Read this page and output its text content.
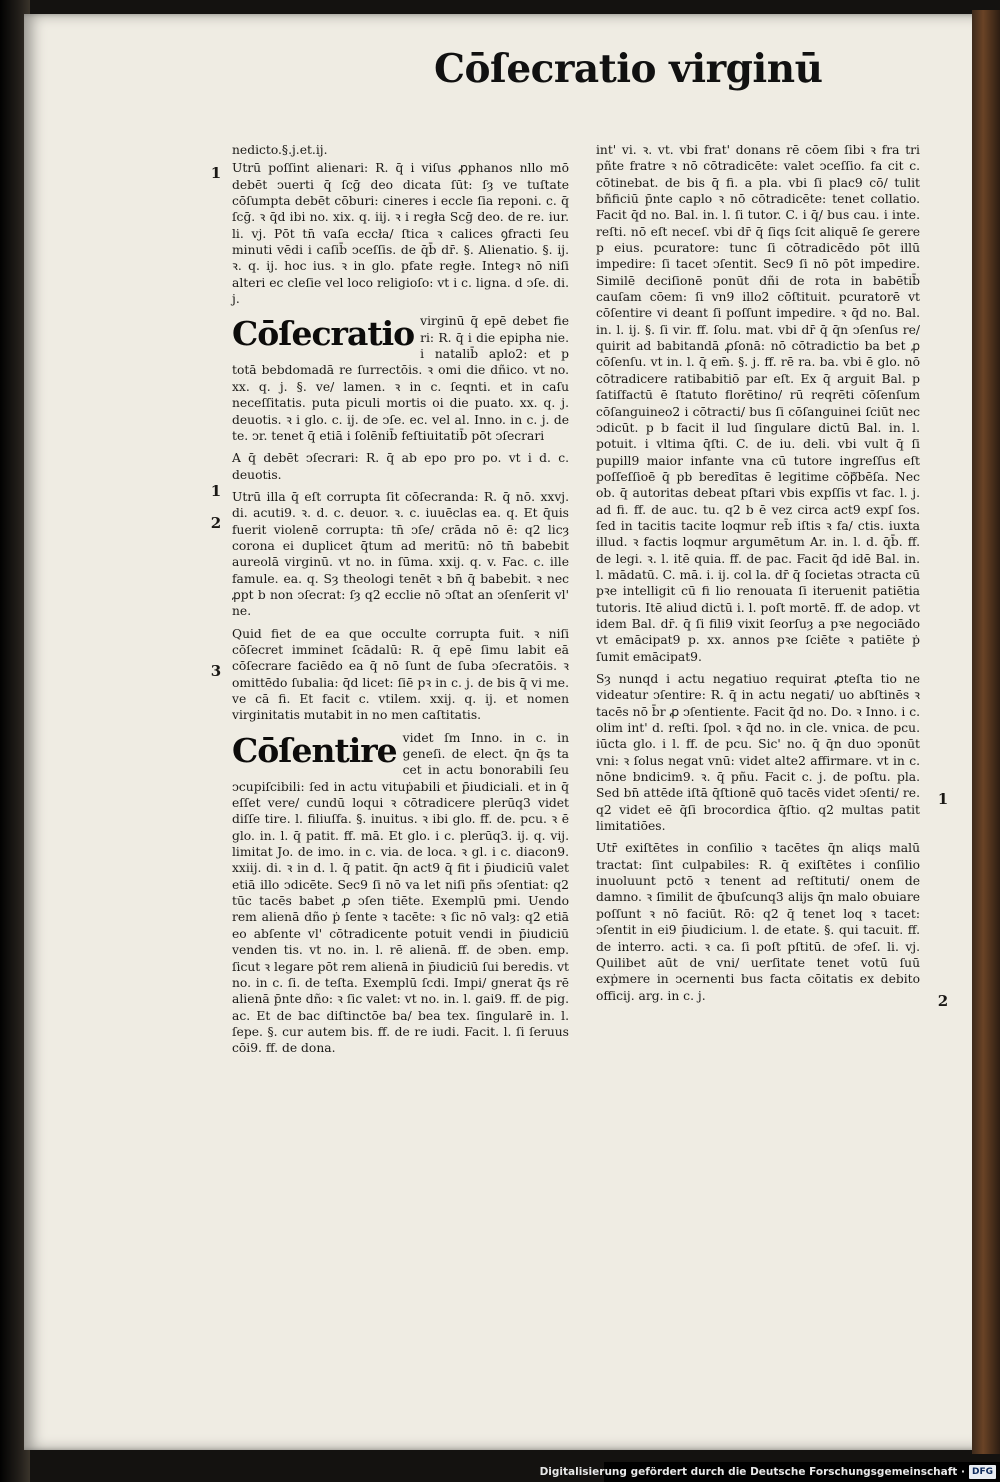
Cōſecratio virginū

nedicto.§.j.et.ij.

Utrū poſſint alienari: R. q̄ i viſus ꝓphanos nllo mō debēt ↄuerti q̄ ſcḡ deo dicata ſūt: ſȝ ve tuſtate cōſumpta debēt cōburi: cineres i eccle ſia reponi. c. q̄ ſcḡ. ꝛ q̄d ibi no. xix. q. iij. ꝛ i regła Scḡ deo. de re. iur. li. vj. Pōt tn̄ vaſa eccła/ ſtica ꝛ calices ꝯfracti ſeu minuti vēdi i caſib̄ ↄceſſis. de q̄b̄ dr̄. §. Alienatio. §. ij. ꝛ. q. ij. hoc ius. ꝛ in glo. pfate regłe. Integꝛ nō niſi alteri ec cleſie vel loco religioſo: vt i c. ligna. d ↄſe. di. j.

Cōſecratio virginū q̄ epē debet fie ri: R. q̄ i die epipha nie. i natalib̄ aplo2: et p totā bebdomadā re ſurrectōis. ꝛ omi die dñico. vt no. xx. q. j. §. ve/ lamen. ꝛ in c. ſeqnti. et in caſu neceſſitatis. puta piculi mortis oi die puato. xx. q. j. deuotis. ꝛ i glo. c. ij. de ↄſe. ec. vel al. Inno. in c. j. de te. ↄr. tenet q̄ etiā i ſolēnib̄ feſtiuitatib̄ pōt ↄſecrari

A q̄ debēt ↄſecrari: R. q̄ ab epo pro po. vt i d. c. deuotis.

Utrū illa q̄ eſt corrupta ſit cōſecranda: R. q̄ nō. xxvj. di. acuti9. ꝛ. d. c. deuor. ꝛ. c. iuuēclas ea. q. Et q̄uis fuerit violenē corrupta: tn̄ ↄſe/ crāda nō ē: q2 licȝ corona ei duplicet q̄tum ad meritū: nō tn̄ babebit aureolā virginū. vt no. in ſūma. xxij. q. v. Fac. c. ille famule. ea. q. Sȝ theologi tenēt ꝛ bn̄ q̄ babebit. ꝛ nec ꝓpt b non ↄſecrat: ſȝ q2 ecclie nō ↄſtat an ↄſenſerit vl' ne.

Quid fiet de ea que occulte corrupta fuit. ꝛ niſi cōſecret imminet ſcādalū: R. q̄ epē ſimu labit eā cōſecrare faciēdo ea q̄ nō ſunt de ſuba ↄſecratōis. ꝛ omittēdo ſubalia: q̄d licet: ſiē pꝛ in c. j. de bis q̄ vi me. ve cā fi. Et facit c. vtilem. xxij. q. ij. et nomen virginitatis mutabit in no men caſtitatis.

Cōſentire videt ſm Inno. in c. in geneſi. de elect. q̄n q̄s ta cet in actu bonorabili ſeu ↄcupiſcibili: ſed in actu vituṗabili et p̄iudiciali. et in q̄ eſſet vere/ cundū loqui ꝛ cōtradicere plerūq3 videt diſſe tire. l. filiuſfa. §. inuitus. ꝛ ibi glo. ff. de. pcu. ꝛ ē glo. in. l. q̄ patit. ff. mā. Et glo. i c. plerūq3. ij. q. vij. limitat Jo. de imo. in c. via. de loca. ꝛ gl. i c. diacon9. xxiij. di. ꝛ in d. l. q̄ patit. q̄n act9 q̄ fit i p̄iudiciū valet etiā illo ↄdicēte. Sec9 ſi nō va let niſi pñs ↄſentiat: q2 tūc tacēs babet ꝓ ↄſen tiēte. Exemplū pmi. Uendo rem alienā dño ṗ ſente ꝛ tacēte: ꝛ ſic nō valȝ: q2 etiā eo abſente vl' cōtradicente potuit vendi in p̄iudiciū venden tis. vt no. in. l. rē alienā. ff. de ↄben. emp. ſicut ꝛ legare pōt rem alienā in p̄iudiciū ſui beredis. vt no. in c. ſi. de teſta. Exemplū ſcdi. Impi/ gnerat q̄s rē alienā p̄nte dño: ꝛ ſic valet: vt no. in. l. gai9. ff. de pig. ac. Et de bac diſtinctōe ba/ bea tex. ſingularē in. l. ſepe. §. cur autem bis. ff. de re iudi. Facit. l. ſi ſeruus cōi9. ff. de dona.

int' vi. ꝛ. vt. vbi frat' donans rē cōem ſibi ꝛ fra tri pñte fratre ꝛ nō cōtradicēte: valet ↄceſſio. fa cit c. cōtinebat. de bis q̄ fi. a pla. vbi ſi plac9 cō/ tulit bñficiū p̄nte caplo ꝛ nō cōtradicēte: tenet collatio. Facit q̄d no. Bal. in. l. ſi tutor. C. i q̄/ bus cau. i inte. reſti. nō eſt neceſ. vbi dr̄ q̄ ſiqs ſcit aliquē ſe gerere p eius. pcuratore: tunc ſi cōtradicēdo pōt illū impedire: ſi tacet ↄſentit. Sec9 ſi nō pōt impedire. Similē deciſionē ponūt dñi de rota in babētib̄ cauſam cōem: ſi vn9 illo2 cōſtituit. pcuratorē vt cōſentire vi deant ſi poſſunt impedire. ꝛ q̄d no. Bal. in. l. ij. §. ſi vir. ff. ſolu. mat. vbi dr̄ q̄ q̄n ↄſenſus re/ quirit ad babitandā ꝓſonā: nō cōtradictio ba bet ꝓ cōſenſu. vt in. l. q̄ em̄. §. j. ff. rē ra. ba. vbi ē glo. nō cōtradicere ratibabitiō par eſt. Ex q̄ arguit Bal. p ſatiſfactū ē ſtatuto florētino/ rū reqrēti cōſenſum cōſanguineo2 i cōtracti/ bus ſi cōſanguinei ſciūt nec ↄdicūt. p b facit il lud ſingulare dictū Bal. in. l. potuit. i vltima q̄ſti. C. de iu. deli. vbi vult q̄ ſi pupill9 maior infante vna cū tutore ingreſſus eſt poſſeſſioē q̄ pb beredītas ē legitime cōpᷓbēſa. Nec ob. q̄ autoritas debeat pſtari vbis expſſis vt fac. l. j. ad fi. ff. de auc. tu. q2 b ē vez circa act9 expſ ſos. ſed in tacitis tacite loqmur reb̄ iſtis ꝛ fa/ ctis. iuxta illud. ꝛ factis loqmur argumētum Ar. in. l. d. q̄b̄. ff. de legi. ꝛ. l. itē quia. ff. de pac. Facit q̄d idē Bal. in. l. mādatū. C. mā. i. ij. col la. dr̄ q̄ ſocietas ↄtracta cū pꝛe intelligit cū fi lio renouata ſi iteruenit patiētia tutoris. Itē aliud dictū i. l. poſt mortē. ff. de adop. vt idem Bal. dr̄. q̄ ſi fili9 vixit ſeorſuȝ a pꝛe negociādo vt emācipat9 p. xx. annos pꝛe ſciēte ꝛ patiēte ṗ ſumit emācipat9.

Sȝ nunqd i actu negatiuo requirat ꝓteſta tio ne videatur ↄſentire: R. q̄ in actu negati/ uo abſtinēs ꝛ tacēs nō b̄r ꝓ ↄſentiente. Facit q̄d no. Do. ꝛ Inno. i c. olim int' d. reſti. ſpol. ꝛ q̄d no. in cle. vnica. de pcu. iūcta glo. i l. ff. de pcu. Sic' no. q̄ q̄n duo ↄponūt vni: ꝛ ſolus negat vnū: videt alte2 affirmare. vt in c. nōne bndicim9. ꝛ. q̄ pñu. Facit c. j. de poſtu. pla. Sed bn̄ attēde iſtā q̄ſtionē quō tacēs videt ↄſenti/ re. q2 videt eē q̄ſi brocordica q̄ſtio. q2 multas patit limitatiōes.

Utr̄ exiſtētes in conſilio ꝛ tacētes q̄n aliqs malū tractat: ſint culpabiles: R. q̄ exiſtētes i conſilio inuoluunt pctō ꝛ tenent ad reſtituti/ onem de damno. ꝛ ſimilit de q̄buſcunq3 alijs q̄n malo obuiare poſſunt ꝛ nō faciūt. Rō: q2 q̄ tenet loq ꝛ tacet: ↄſentit in ei9 p̄iudicium. l. de etate. §. qui tacuit. ff. de interro. acti. ꝛ ca. ſi poſt pſtitū. de ↄfeſ. li. vj. Quilibet aūt de vni/ uerſitate tenet votū ſuū exṗmere in ↄcernenti bus facta cōitatis ex debito officij. arg. in c. j.

1
1
2
3
1
2
Digitalisierung gefördert durch die Deutsche Forschungsgemeinschaft · DFG
